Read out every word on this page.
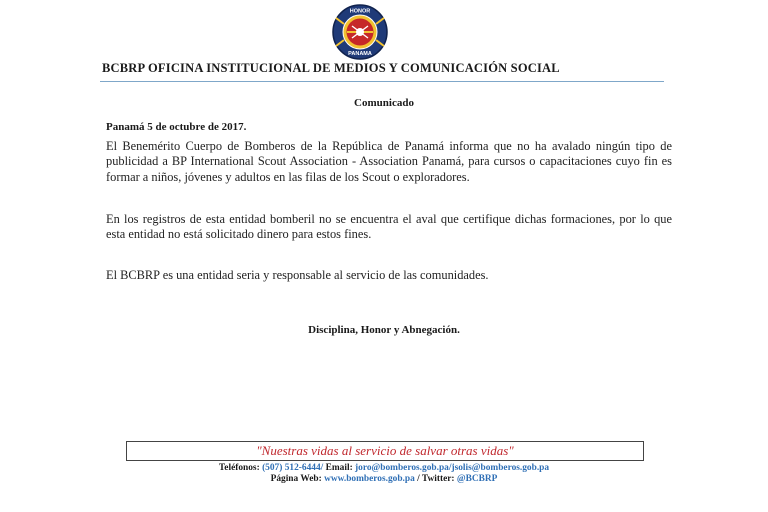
HONOR
PANAMA
BCBRP OFICINA INSTITUCIONAL DE MEDIOS Y COMUNICACIÓN SOCIAL
Comunicado
Panamá 5 de octubre de 2017.
El Benemérito Cuerpo de Bomberos de la República de Panamá informa que no ha avalado ningún tipo de publicidad a BP International Scout Association - Association Panamá, para cursos o capacitaciones cuyo fin es formar a niños, jóvenes y adultos en las filas de los Scout o exploradores.
En los registros de esta entidad bomberil no se encuentra el aval que certifique dichas formaciones, por lo que esta entidad no está solicitado dinero para estos fines.
El BCBRP es una entidad seria y responsable al servicio de las comunidades.
Disciplina, Honor y Abnegación.
"Nuestras vidas al servicio de salvar otras vidas"
Teléfonos: (507) 512-6444/ Email: joro@bomberos.gob.pa/jsolis@bomberos.gob.pa
Página Web: www.bomberos.gob.pa / Twitter: @BCBRP
